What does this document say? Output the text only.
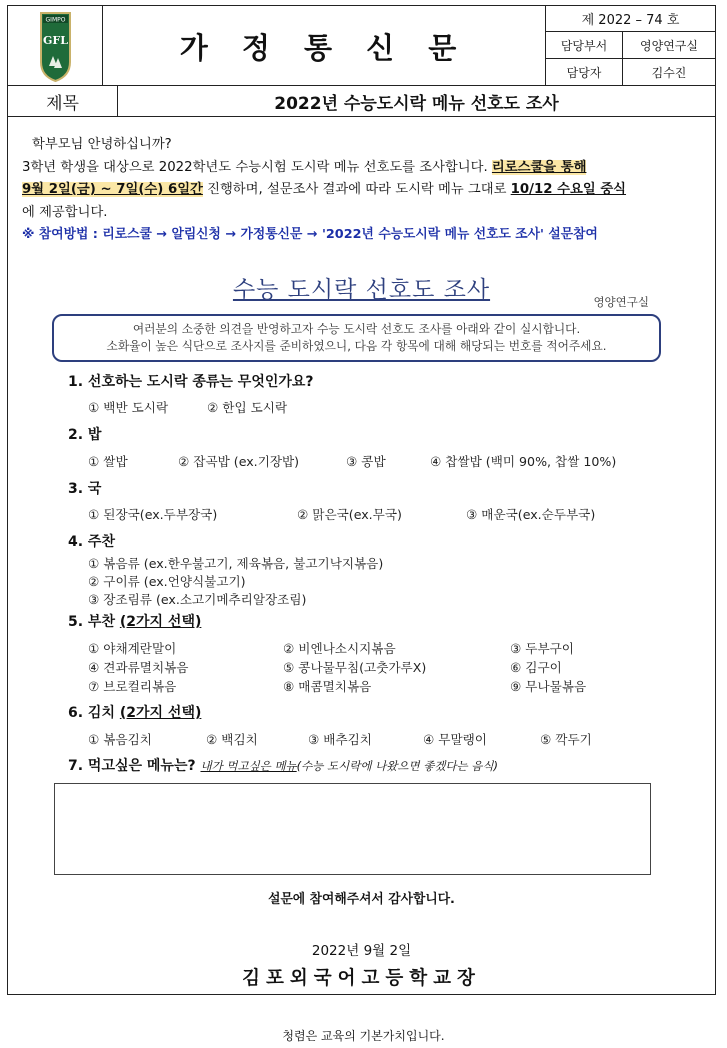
GIMPO
GFL	가 정 통 신 문
제 2022 – 74 호
담당부서	영양연구실
담당자	김수진
제목	2022년 수능도시락 메뉴 선호도 조사
학부모님 안녕하십니까?
3학년 학생을 대상으로 2022학년도 수능시험 도시락 메뉴 선호도를 조사합니다. 리로스쿨을 통해
9월 2일(금) ~ 7일(수) 6일간 진행하며, 설문조사 결과에 따라 도시락 메뉴 그대로 10/12 수요일 중식
에 제공합니다.
※ 참여방법 : 리로스쿨 → 알림신청 → 가정통신문 → '2022년 수능도시락 메뉴 선호도 조사' 설문참여
수능 도시락 선호도 조사	영양연구실
여러분의 소중한 의견을 반영하고자 수능 도시락 선호도 조사를 아래와 같이 실시합니다.
소화율이 높은 식단으로 조사지를 준비하였으니, 다음 각 항목에 대해 해당되는 번호를 적어주세요.
1. 선호하는 도시락 종류는 무엇인가요?
① 백반 도시락	② 한입 도시락
2. 밥
① 쌀밥	② 잡곡밥 (ex.기장밥)	③ 콩밥	④ 찹쌀밥 (백미 90%, 찹쌀 10%)
3. 국
① 된장국(ex.두부장국)	② 맑은국(ex.무국)	③ 매운국(ex.순두부국)
4. 주찬
① 볶음류 (ex.한우불고기, 제육볶음, 불고기낙지볶음)
② 구이류 (ex.언양식불고기)
③ 장조림류 (ex.소고기메추리알장조림)
5. 부찬 (2가지 선택)
① 야채계란말이	② 비엔나소시지볶음	③ 두부구이
④ 견과류멸치볶음	⑤ 콩나물무침(고춧가루X)	⑥ 김구이
⑦ 브로컬리볶음	⑧ 매콤멸치볶음	⑨ 무나물볶음
6. 김치 (2가지 선택)
① 볶음김치	② 백김치	③ 배추김치	④ 무말랭이	⑤ 깍두기
7. 먹고싶은 메뉴는? 내가 먹고싶은 메뉴(수능 도시락에 나왔으면 좋겠다는 음식)
설문에 참여해주셔서 감사합니다.
2022년 9월 2일
김포외국어고등학교장
청렴은 교육의 기본가치입니다.
